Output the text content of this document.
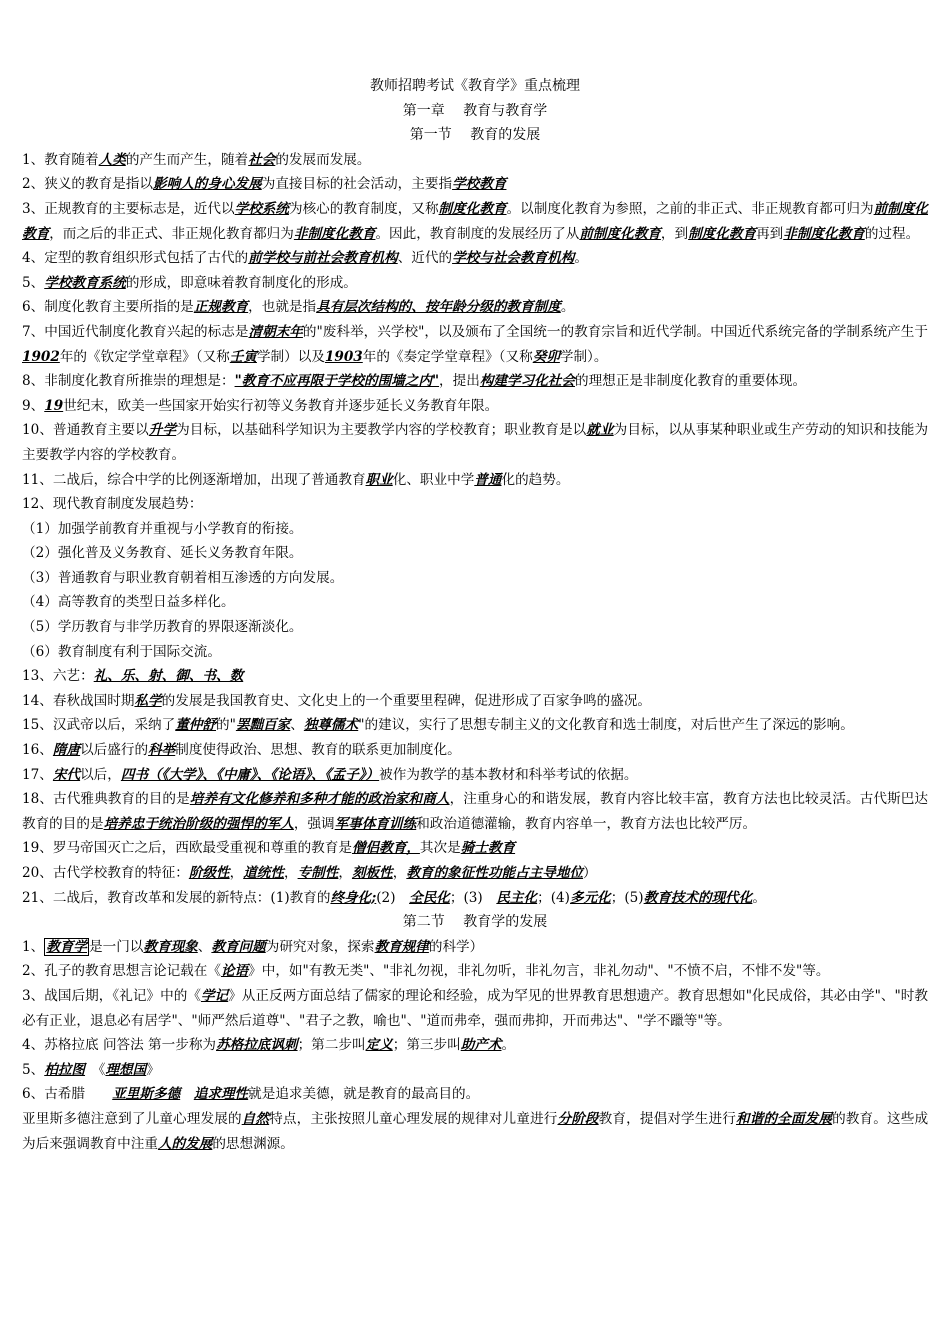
教师招聘考试《教育学》重点梳理
第一章　 教育与教育学
第一节　 教育的发展
1、教育随着人类的产生而产生，随着社会的发展而发展。
2、狭义的教育是指以影响人的身心发展为直接目标的社会活动，主要指学校教育
3、正规教育的主要标志是，近代以学校系统为核心的教育制度，又称制度化教育。以制度化教育为参照，之前的非正式、非正规教育都可归为前制度化教育，而之后的非正式、非正规化教育都归为非制度化教育。因此，教育制度的发展经历了从前制度化教育，到制度化教育再到非制度化教育的过程。
4、定型的教育组织形式包括了古代的前学校与前社会教育机构、近代的学校与社会教育机构。
5、学校教育系统的形成，即意味着教育制度化的形成。
6、制度化教育主要所指的是正规教育，也就是指具有层次结构的、按年龄分级的教育制度。
7、中国近代制度化教育兴起的标志是清朝末年的"废科举，兴学校"，以及颁布了全国统一的教育宗旨和近代学制。中国近代系统完备的学制系统产生于1902年的《钦定学堂章程》（又称壬寅学制）以及1903年的《奏定学堂章程》（又称癸卯学制）。
8、非制度化教育所推崇的理想是："教育不应再限于学校的围墙之内"，提出构建学习化社会的理想正是非制度化教育的重要体现。
9、19世纪末，欧美一些国家开始实行初等义务教育并逐步延长义务教育年限。
10、普通教育主要以升学为目标，以基础科学知识为主要教学内容的学校教育；职业教育是以就业为目标，以从事某种职业或生产劳动的知识和技能为主要教学内容的学校教育。
11、二战后，综合中学的比例逐渐增加，出现了普通教育职业化、职业中学普通化的趋势。
12、现代教育制度发展趋势：
（1）加强学前教育并重视与小学教育的衔接。
（2）强化普及义务教育、延长义务教育年限。
（3）普通教育与职业教育朝着相互渗透的方向发展。
（4）高等教育的类型日益多样化。
（5）学历教育与非学历教育的界限逐渐淡化。
（6）教育制度有利于国际交流。
13、六艺：礼、乐、射、御、书、数
14、春秋战国时期私学的发展是我国教育史、文化史上的一个重要里程碑，促进形成了百家争鸣的盛况。
15、汉武帝以后，采纳了董仲舒的"罢黜百家、独尊儒术"的建议，实行了思想专制主义的文化教育和选士制度，对后世产生了深远的影响。
16、隋唐以后盛行的科举制度使得政治、思想、教育的联系更加制度化。
17、宋代以后，四书（《大学》、《中庸》、《论语》、《孟子》）被作为教学的基本教材和科举考试的依据。
18、古代雅典教育的目的是培养有文化修养和多种才能的政治家和商人，注重身心的和谐发展，教育内容比较丰富，教育方法也比较灵活。古代斯巴达教育的目的是培养忠于统治阶级的强悍的军人，强调军事体育训练和政治道德灌输，教育内容单一，教育方法也比较严厉。
19、罗马帝国灭亡之后，西欧最受重视和尊重的教育是僧侣教育，其次是骑士教育
20、古代学校教育的特征：阶级性，道统性，专制性，刻板性，教育的象征性功能占主导地位）
21、二战后，教育改革和发展的新特点：(1)教育的终身化;(2)　全民化；(3)　民主化；(4)多元化；(5)教育技术的现代化。
第二节　 教育学的发展
1、 教育学 是一门以教育现象、教育问题为研究对象，探索教育规律的科学）
2、孔子的教育思想言论记载在《论语》中，如"有教无类"、"非礼勿视，非礼勿听，非礼勿言，非礼勿动"、"不愤不启，不悱不发"等。
3、战国后期，《礼记》中的《学记》从正反两方面总结了儒家的理论和经验，成为罕见的世界教育思想遗产。教育思想如"化民成俗，其必由学"、"时教必有正业，退息必有居学"、"师严然后道尊"、"君子之教，喻也"、"道而弗牵，强而弗抑，开而弗达"、"学不躐等"等。
4、苏格拉底 问答法 第一步称为苏格拉底讽刺；第二步叫定义；第三步叫助产术。
5、柏拉图　《理想国》
6、古希腊　　亚里斯多德　 追求理性就是追求美德，就是教育的最高目的。
亚里斯多德注意到了儿童心理发展的自然特点，主张按照儿童心理发展的规律对儿童进行分阶段教育，提倡对学生进行和谐的全面发展的教育。这些成为后来强调教育中注重人的发展的思想渊源。
